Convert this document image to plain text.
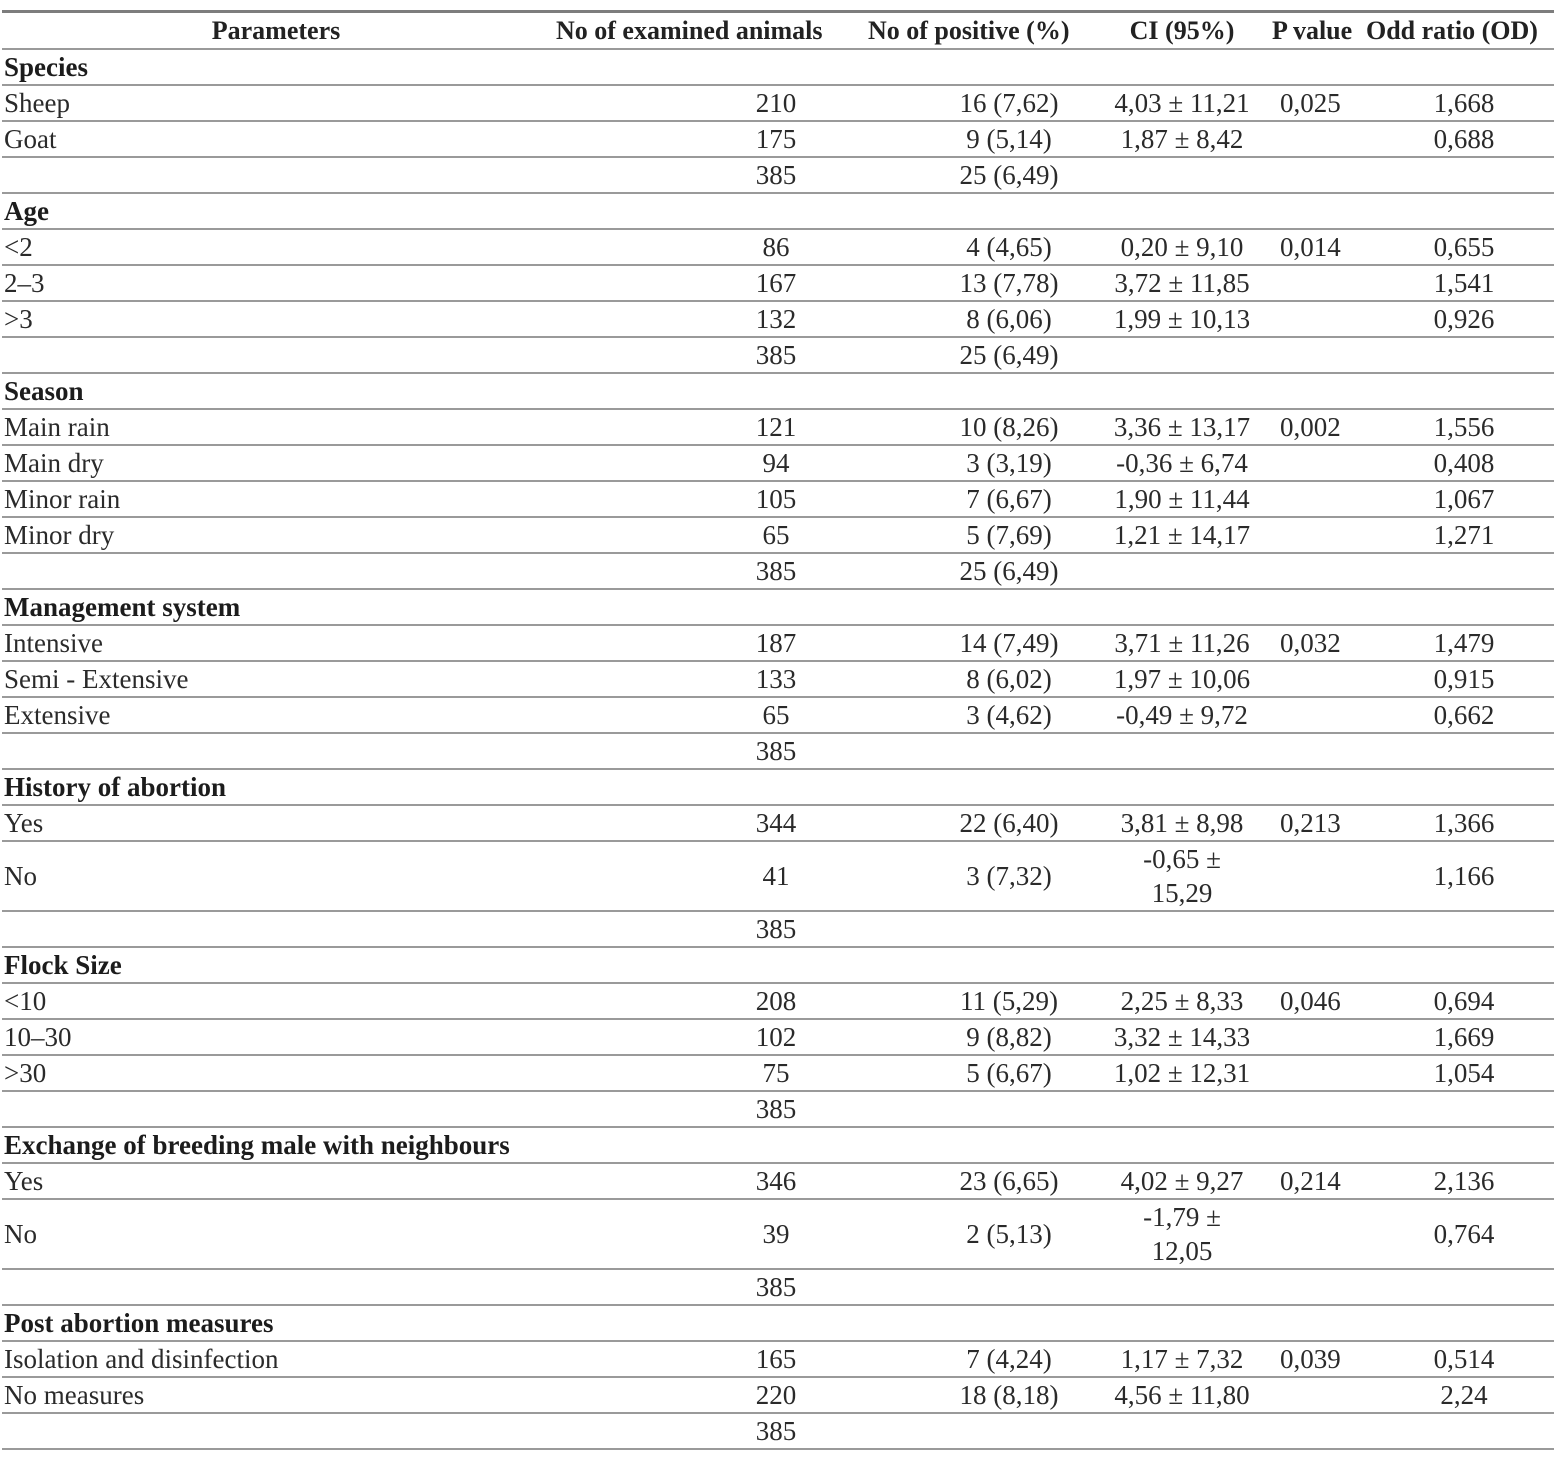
Parameters	No of examined animals	No of positive (%)	CI (95%)	P value	Odd ratio (OD)
Species					
Sheep	210	16 (7,62)	4,03 ± 11,21	0,025	1,668
Goat	175	9 (5,14)	1,87 ± 8,42		0,688
	385	25 (6,49)			
Age					
<2	86	4 (4,65)	0,20 ± 9,10	0,014	0,655
2–3	167	13 (7,78)	3,72 ± 11,85		1,541
>3	132	8 (6,06)	1,99 ± 10,13		0,926
	385	25 (6,49)			
Season					
Main rain	121	10 (8,26)	3,36 ± 13,17	0,002	1,556
Main dry	94	3 (3,19)	-0,36 ± 6,74		0,408
Minor rain	105	7 (6,67)	1,90 ± 11,44		1,067
Minor dry	65	5 (7,69)	1,21 ± 14,17		1,271
	385	25 (6,49)			
Management system					
Intensive	187	14 (7,49)	3,71 ± 11,26	0,032	1,479
Semi - Extensive	133	8 (6,02)	1,97 ± 10,06		0,915
Extensive	65	3 (4,62)	-0,49 ± 9,72		0,662
	385				
History of abortion					
Yes	344	22 (6,40)	3,81 ± 8,98	0,213	1,366
No	41	3 (7,32)	-0,65 ± 15,29		1,166
	385				
Flock Size					
<10	208	11 (5,29)	2,25 ± 8,33	0,046	0,694
10–30	102	9 (8,82)	3,32 ± 14,33		1,669
>30	75	5 (6,67)	1,02 ± 12,31		1,054
	385				
Exchange of breeding male with neighbours					
Yes	346	23 (6,65)	4,02 ± 9,27	0,214	2,136
No	39	2 (5,13)	-1,79 ± 12,05		0,764
	385				
Post abortion measures					
Isolation and disinfection	165	7 (4,24)	1,17 ± 7,32	0,039	0,514
No measures	220	18 (8,18)	4,56 ± 11,80		2,24
	385				
